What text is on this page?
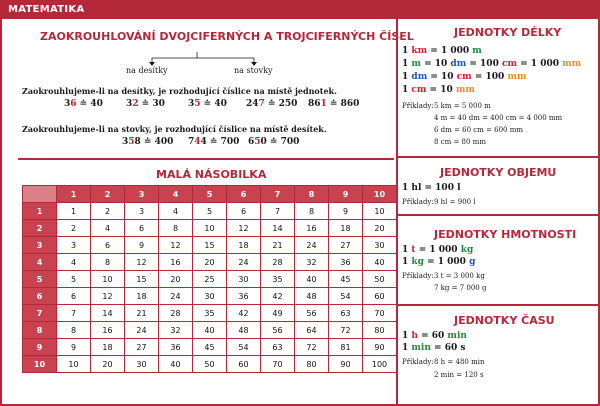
MATEMATIKA
ZAOKROUHLOVÁNÍ DVOJCIFERNÝCH A TROJCIFERNÝCH ČÍSEL
na desítky	na stovky
Zaokrouhlujeme-li na desítky, je rozhodující číslice na místě jednotek.
36 ≐ 40	32 ≐ 30	35 ≐ 40 247 ≐ 250 861 ≐ 860
Zaokrouhlujeme-li na stovky, je rozhodující číslice na místě desítek.
358 ≐ 400 744 ≐ 700 650 ≐ 700
MALÁ NÁSOBILKA
	1	2	3	4	5	6	7	8	9	10
1	1	2	3	4	5	6	7	8	9	10
2	2	4	6	8	10	12	14	16	18	20
3	3	6	9	12	15	18	21	24	27	30
4	4	8	12	16	20	24	28	32	36	40
5	5	10	15	20	25	30	35	40	45	50
6	6	12	18	24	30	36	42	48	54	60
7	7	14	21	28	35	42	49	56	63	70
8	8	16	24	32	40	48	56	64	72	80
9	9	18	27	36	45	54	63	72	81	90
10	10	20	30	40	50	60	70	80	90	100
JEDNOTKY DÉLKY
1 km = 1 000 m
1 m = 10 dm = 100 cm = 1 000 mm
1 dm = 10 cm = 100 mm
1 cm = 10 mm
Příklady: 5 km = 5 000 m
4 m = 40 dm = 400 cm = 4 000 mm
6 dm = 60 cm = 600 mm
8 cm = 80 mm
JEDNOTKY OBJEMU
1 hl = 100 l
Příklady: 9 hl = 900 l
JEDNOTKY HMOTNOSTI
1 t = 1 000 kg
1 kg = 1 000 g
Příklady: 3 t = 3 000 kg
7 kg = 7 000 g
JEDNOTKY ČASU
1 h = 60 min
1 min = 60 s
Příklady: 8 h = 480 min
2 min = 120 s
